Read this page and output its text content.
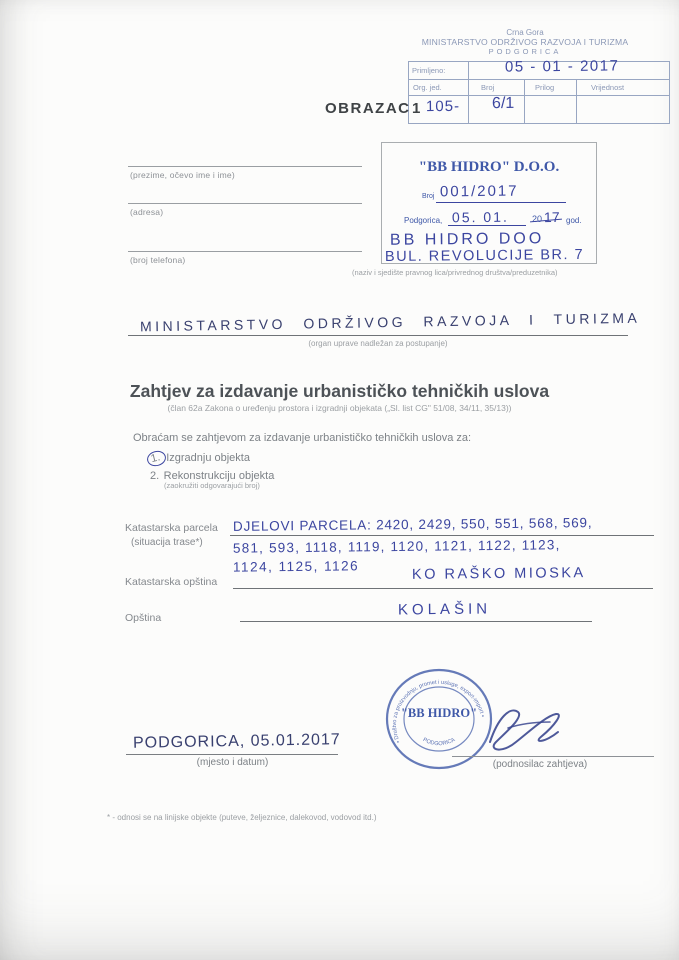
Crna Gora
MINISTARSTVO ODRŽIVOG RAZVOJA I TURIZMA
PODGORICA
Primljeno:
Org. jed.	Broj	Prilog	Vrijednost
05 - 01 - 2017
OBRAZAC 1 105- 6/1
"BB HIDRO" D.O.O.
Broj 001/2017
Podgorica, 05. 01.	20 17 god.
BB HIDRO DOO
BUL. REVOLUCIJE BR. 7
(naziv i sjedište pravnog lica/privrednog društva/preduzetnika)
(prezime, očevo ime i ime)
(adresa)
(broj telefona)
MINISTARSTVO ODRŽIVOG RAZVOJA I TURIZMA
(organ uprave nadležan za postupanje)
Zahtjev za izdavanje urbanističko tehničkih uslova
(član 62a Zakona o uređenju prostora i izgradnji objekata („Sl. list CG" 51/08, 34/11, 35/13))
Obraćam se zahtjevom za izdavanje urbanističko tehničkih uslova za:
1. Izgradnju objekta
2. Rekonstrukciju objekta
(zaokružiti odgovarajući broj)
Katastarska parcela
(situacija trase*)
DJELOVI PARCELA: 2420, 2429, 550, 551, 568, 569,
581, 593, 1118, 1119, 1120, 1121, 1122, 1123,
1124, 1125, 1126
Katastarska opština	KO RAŠKO MIOSKA
Opština	KOLAŠIN
PODGORICA, 05.01.2017
(mjesto i datum)
• Društvo za proizvodnju, promet i usluge, export-import •
"BB HIDRO"
PODGORICA
(podnosilac zahtjeva)
* - odnosi se na linijske objekte (puteve, željeznice, dalekovod, vodovod itd.)
